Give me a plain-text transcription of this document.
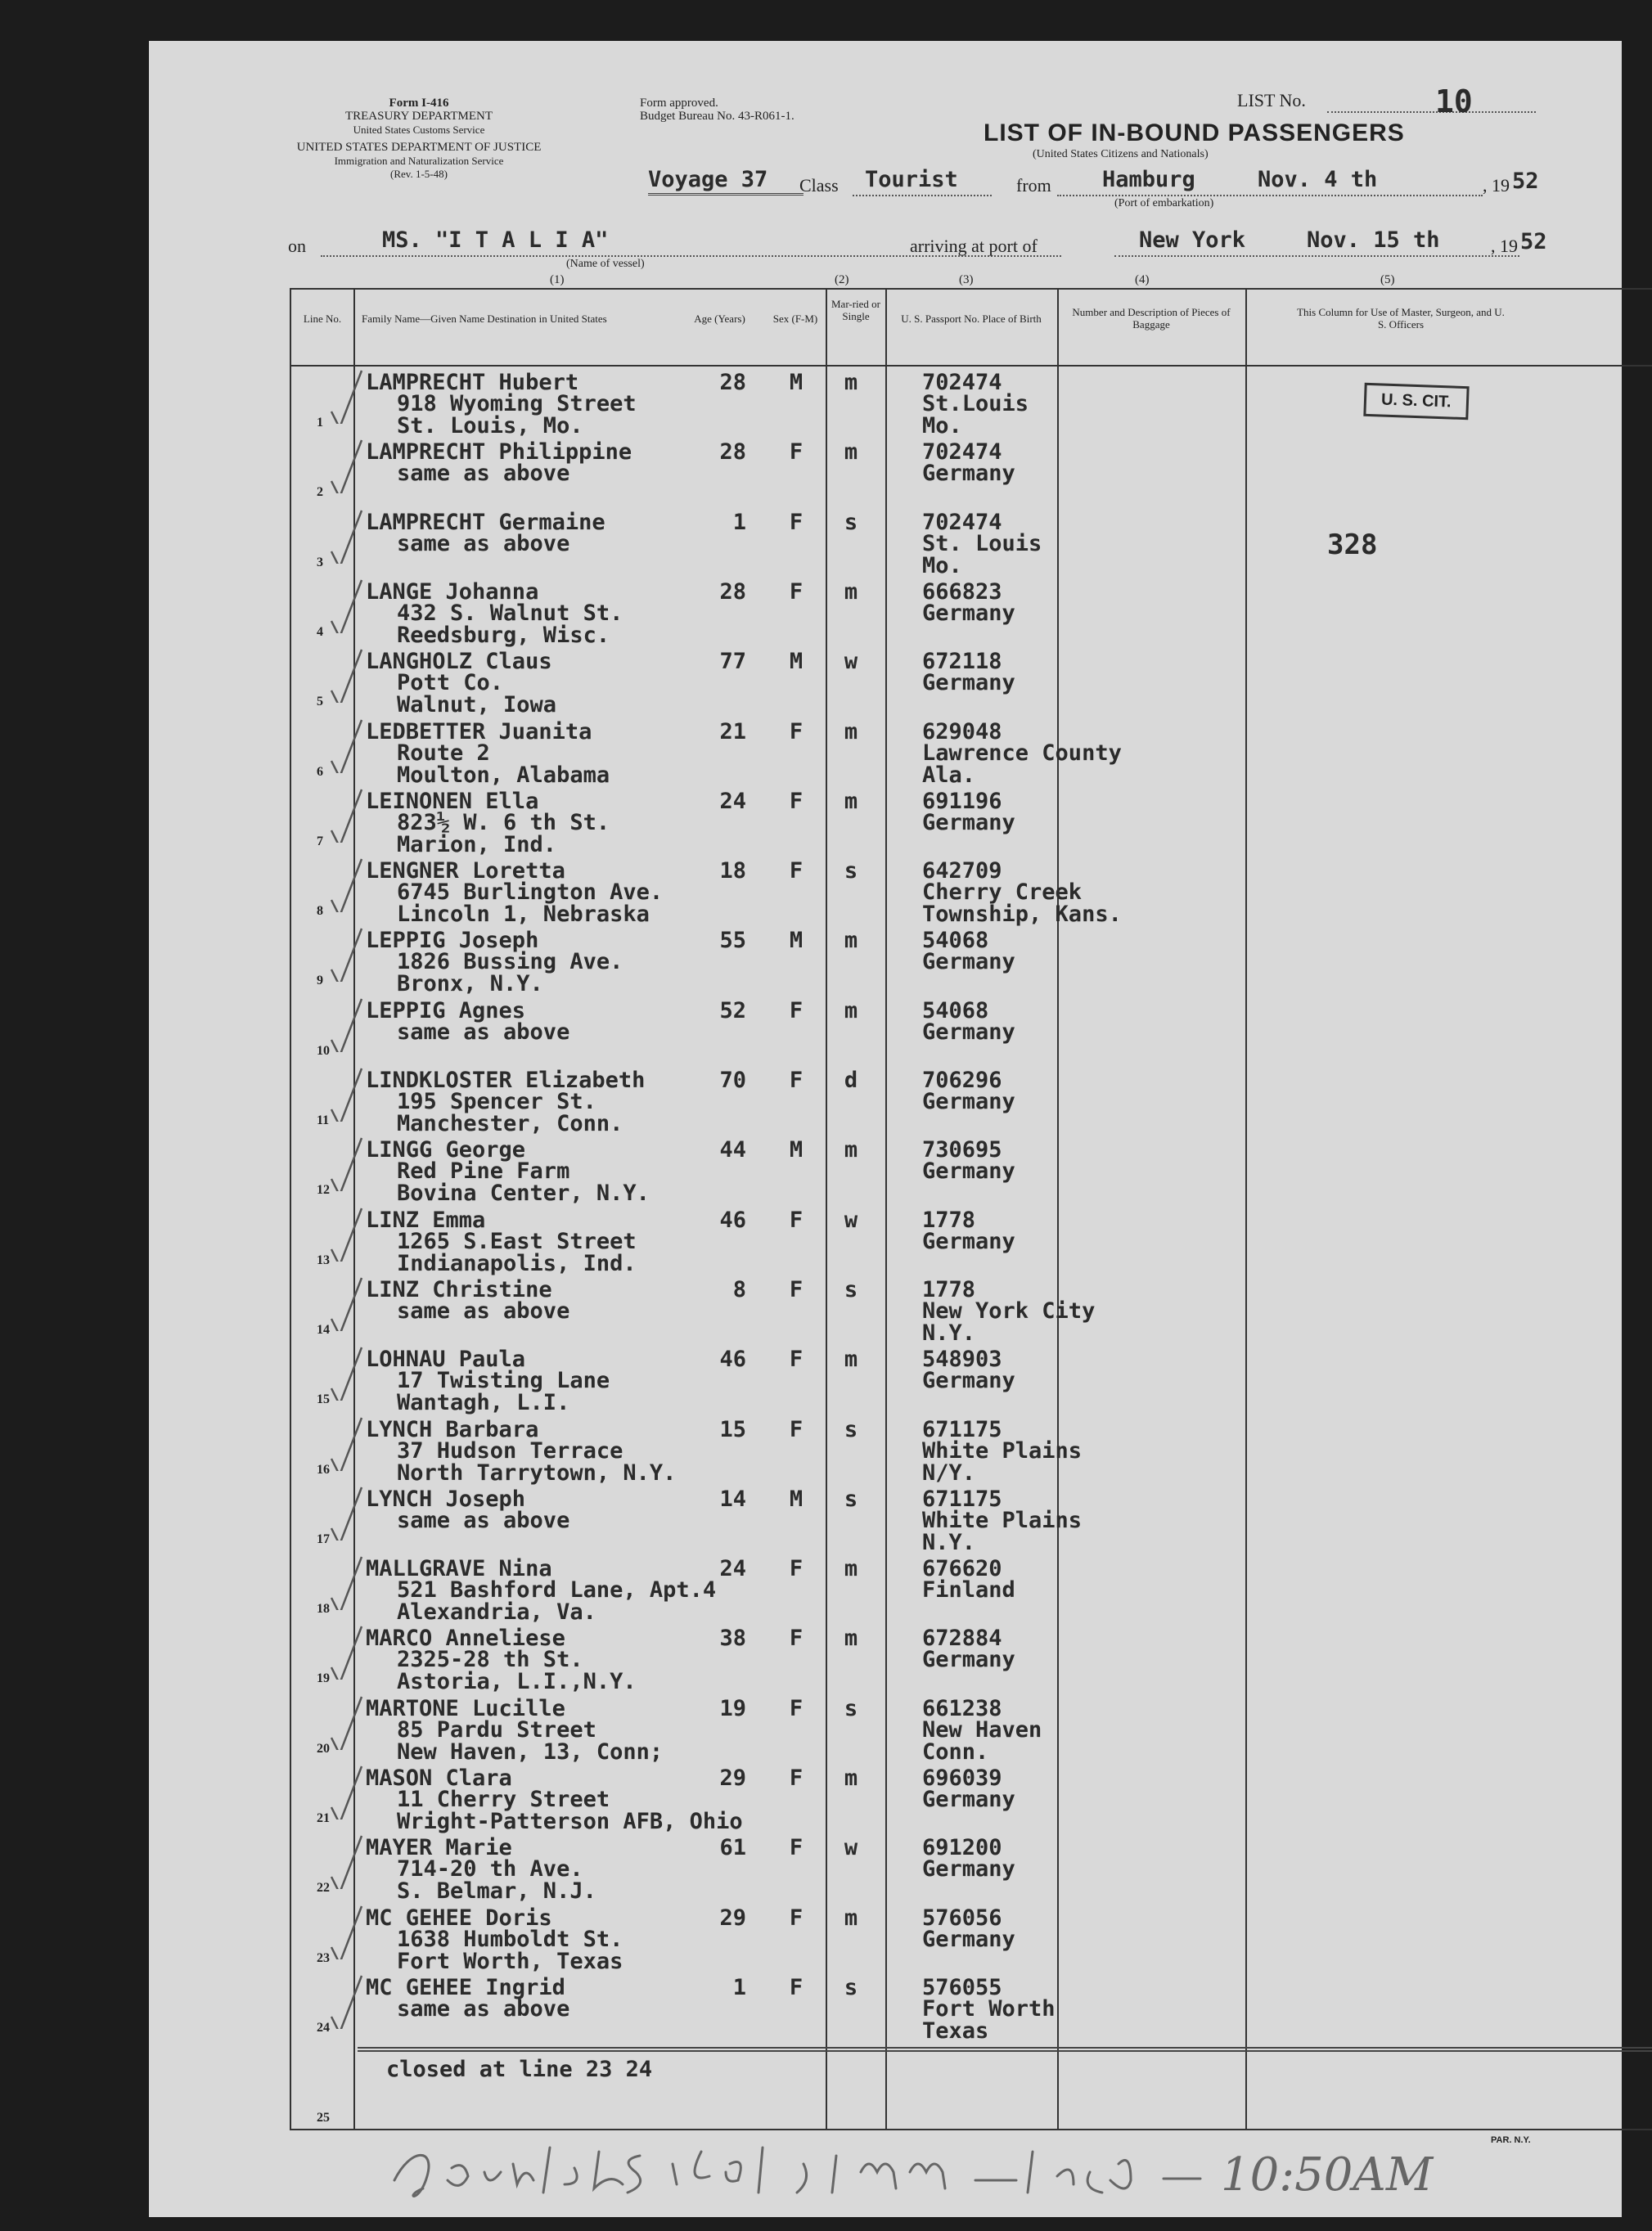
Form I-416
TREASURY DEPARTMENT
United States Customs Service
UNITED STATES DEPARTMENT OF JUSTICE
Immigration and Naturalization Service
(Rev. 1-5-48)
Form approved.
Budget Bureau No. 43-R061-1.
LIST No.	10
LIST OF IN-BOUND PASSENGERS
(United States Citizens and Nationals)
Voyage 37 Class Tourist	from Hamburg	Nov. 4 th	, 19 52
(Port of embarkation)
on	MS. "I T A L I A"
(Name of vessel)
arriving at port of	New York	Nov. 15 th	, 19 52
(1)	(2)	(3)	(4)	(5)
Line No.	Family Name—Given Name Destination in United States	Age (Years)	Sex (F-M)
Mar-ried or Single	U. S. Passport No. Place of Birth
Number and Description of Pieces of Baggage
This Column for Use of Master, Surgeon, and U. S. Officers
U. S. CIT.
328
1
LAMPRECHT Hubert
918 Wyoming Street
St. Louis, Mo.
28 M m	702474
St.Louis
Mo.
2
LAMPRECHT Philippine
same as above
28 F m	702474
Germany
3
LAMPRECHT Germaine
same as above
1 F s	702474
St. Louis
Mo.
4
LANGE Johanna
432 S. Walnut St.
Reedsburg, Wisc.
28 F m	666823
Germany
5
LANGHOLZ Claus
Pott Co.
Walnut, Iowa
77 M w	672118
Germany
6
LEDBETTER Juanita
Route 2
Moulton, Alabama
21 F m	629048
Lawrence County
Ala.
7
LEINONEN Ella
823½ W. 6 th St.
Marion, Ind.
24 F m	691196
Germany
8
LENGNER Loretta
6745 Burlington Ave.
Lincoln 1, Nebraska
18 F s	642709
Cherry Creek
Township, Kans.
9
LEPPIG Joseph
1826 Bussing Ave.
Bronx, N.Y.
55 M m	54068
Germany
10
LEPPIG Agnes
same as above
52 F m	54068
Germany
11
LINDKLOSTER Elizabeth
195 Spencer St.
Manchester, Conn.
70 F d	706296
Germany
12
LINGG George
Red Pine Farm
Bovina Center, N.Y.
44 M m	730695
Germany
13
LINZ Emma
1265 S.East Street
Indianapolis, Ind.
46 F w	1778
Germany
14
LINZ Christine
same as above
8 F s	1778
New York City
N.Y.
15
LOHNAU Paula
17 Twisting Lane
Wantagh, L.I.
46 F m	548903
Germany
16
LYNCH Barbara
37 Hudson Terrace
North Tarrytown, N.Y.
15 F s	671175
White Plains
N/Y.
17
LYNCH Joseph
same as above
14 M s	671175
White Plains
N.Y.
18
MALLGRAVE Nina
521 Bashford Lane, Apt.4
Alexandria, Va.
24 F m	676620
Finland
19
MARCO Anneliese
2325-28 th St.
Astoria, L.I.,N.Y.
38 F m	672884
Germany
20
MARTONE Lucille
85 Pardu Street
New Haven, 13, Conn;
19 F s	661238
New Haven
Conn.
21
MASON Clara
11 Cherry Street
Wright-Patterson AFB, Ohio
29 F m	696039
Germany
22
MAYER Marie
714-20 th Ave.
S. Belmar, N.J.
61 F w	691200
Germany
23
MC GEHEE Doris
1638 Humboldt St.
Fort Worth, Texas
29 F m	576056
Germany
24
MC GEHEE Ingrid
same as above
1 F s	576055
Fort Worth
Texas
closed at line 23 24
25
PAR. N.Y.
10:50AM
